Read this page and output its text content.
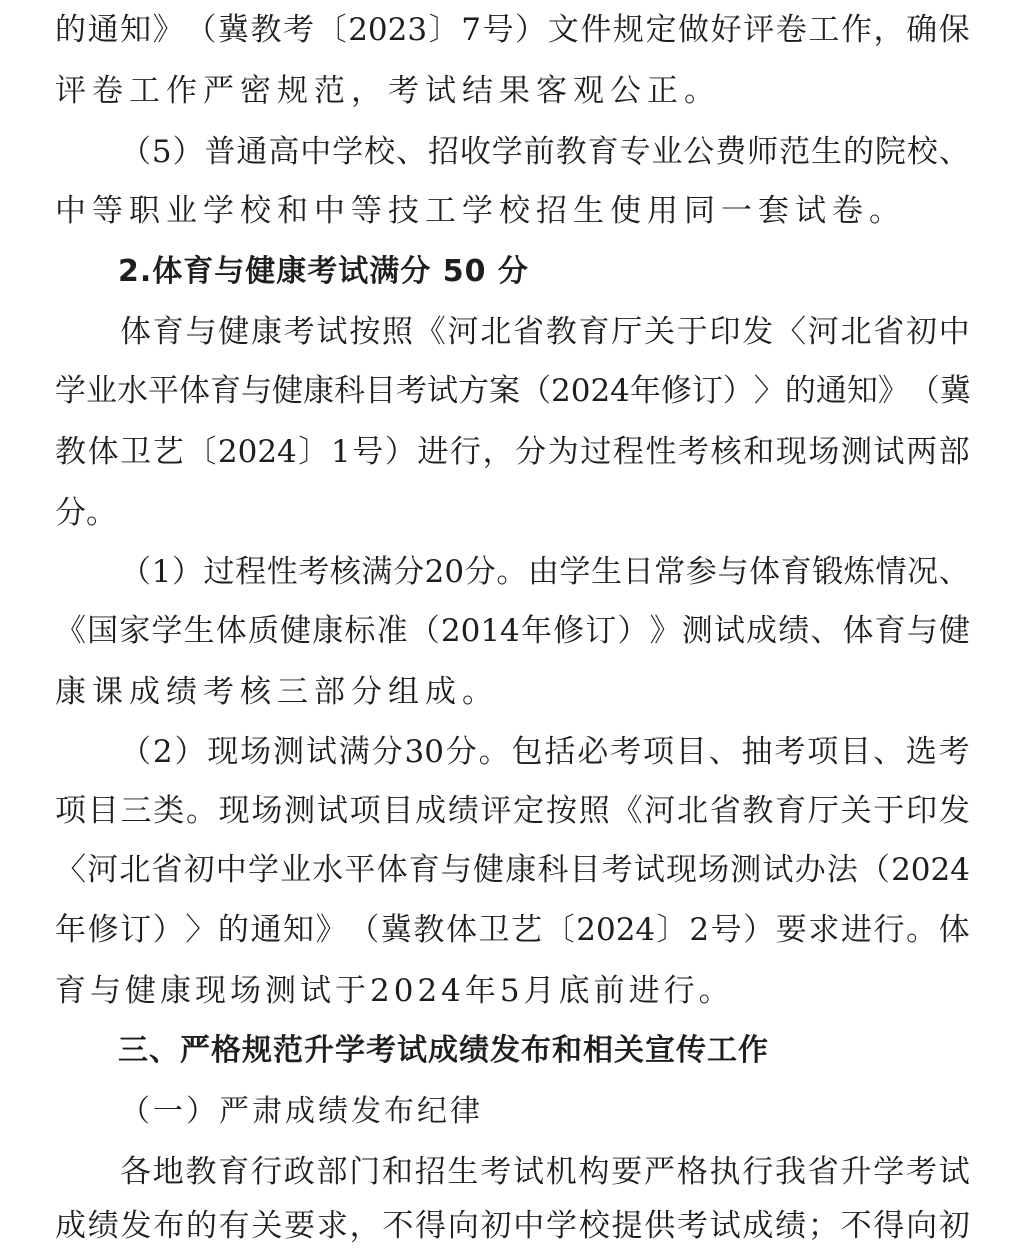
的 通 知 》 （ 冀 教 考 〔 2023 〕 7 号 ） 文 件 规 定 做 好 评 卷 工 作 ， 确 保
评卷工作严密规范，考试结果客观公正。
（ 5 ） 普 通 高 中 学 校 、 招 收 学 前 教 育 专 业 公 费 师 范 生 的 院 校 、
中等职业学校和中等技工学校招生使用同一套试卷。
2.体育与健康考试满分 50 分
体 育 与 健 康 考 试 按 照 《 河 北 省 教 育 厅 关 于 印 发 〈 河 北 省 初 中
学 业 水 平 体 育 与 健 康 科 目 考 试 方 案 （ 2024 年 修 订 ） 〉 的 通 知 》 （ 冀
教 体 卫 艺 〔 2024 〕 1 号 ） 进 行 ， 分 为 过 程 性 考 核 和 现 场 测 试 两 部
分。
（ 1 ） 过 程 性 考 核 满 分 20 分 。 由 学 生 日 常 参 与 体 育 锻 炼 情 况 、
《 国 家 学 生 体 质 健 康 标 准 （ 2014 年 修 订 ） 》 测 试 成 绩 、 体 育 与 健
康课成绩考核三部分组成。
（ 2 ） 现 场 测 试 满 分 30 分 。 包 括 必 考 项 目 、 抽 考 项 目 、 选 考
项 目 三 类 。 现 场 测 试 项 目 成 绩 评 定 按 照 《 河 北 省 教 育 厅 关 于 印 发
〈 河 北 省 初 中 学 业 水 平 体 育 与 健 康 科 目 考 试 现 场 测 试 办 法 （ 2024
年 修 订 ） 〉 的 通 知 》 （ 冀 教 体 卫 艺 〔 2024 〕 2 号 ） 要 求 进 行 。 体
育与健康现场测试于2024年5月底前进行。
三、严格规范升学考试成绩发布和相关宣传工作
（一）严肃成绩发布纪律
各 地 教 育 行 政 部 门 和 招 生 考 试 机 构 要 严 格 执 行 我 省 升 学 考 试
成 绩 发 布 的 有 关 要 求 ， 不 得 向 初 中 学 校 提 供 考 试 成 绩 ； 不 得 向 初
